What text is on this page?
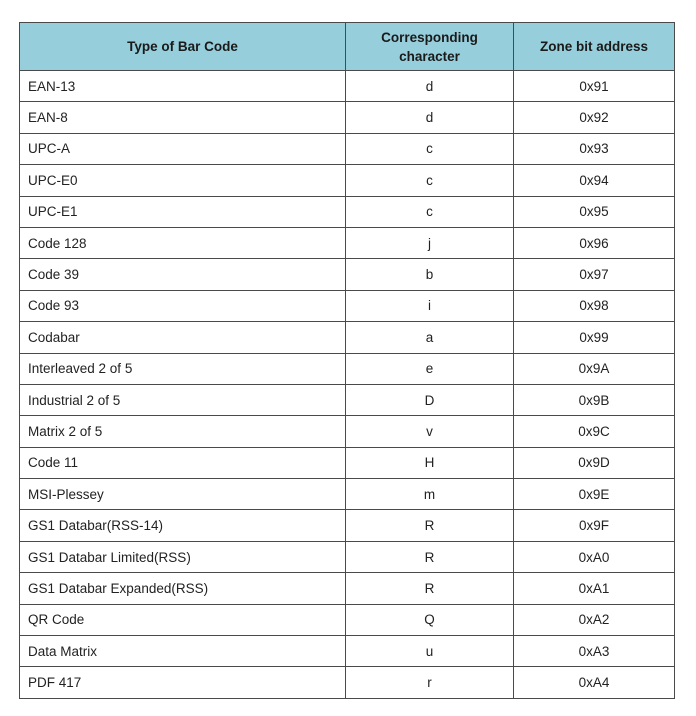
Type of Bar Code	Corresponding character	Zone bit address
EAN-13	d	0x91
EAN-8	d	0x92
UPC-A	c	0x93
UPC-E0	c	0x94
UPC-E1	c	0x95
Code 128	j	0x96
Code 39	b	0x97
Code 93	i	0x98
Codabar	a	0x99
Interleaved 2 of 5	e	0x9A
Industrial 2 of 5	D	0x9B
Matrix 2 of 5	v	0x9C
Code 11	H	0x9D
MSI-Plessey	m	0x9E
GS1 Databar(RSS-14)	R	0x9F
GS1 Databar Limited(RSS)	R	0xA0
GS1 Databar Expanded(RSS)	R	0xA1
QR Code	Q	0xA2
Data Matrix	u	0xA3
PDF 417	r	0xA4
